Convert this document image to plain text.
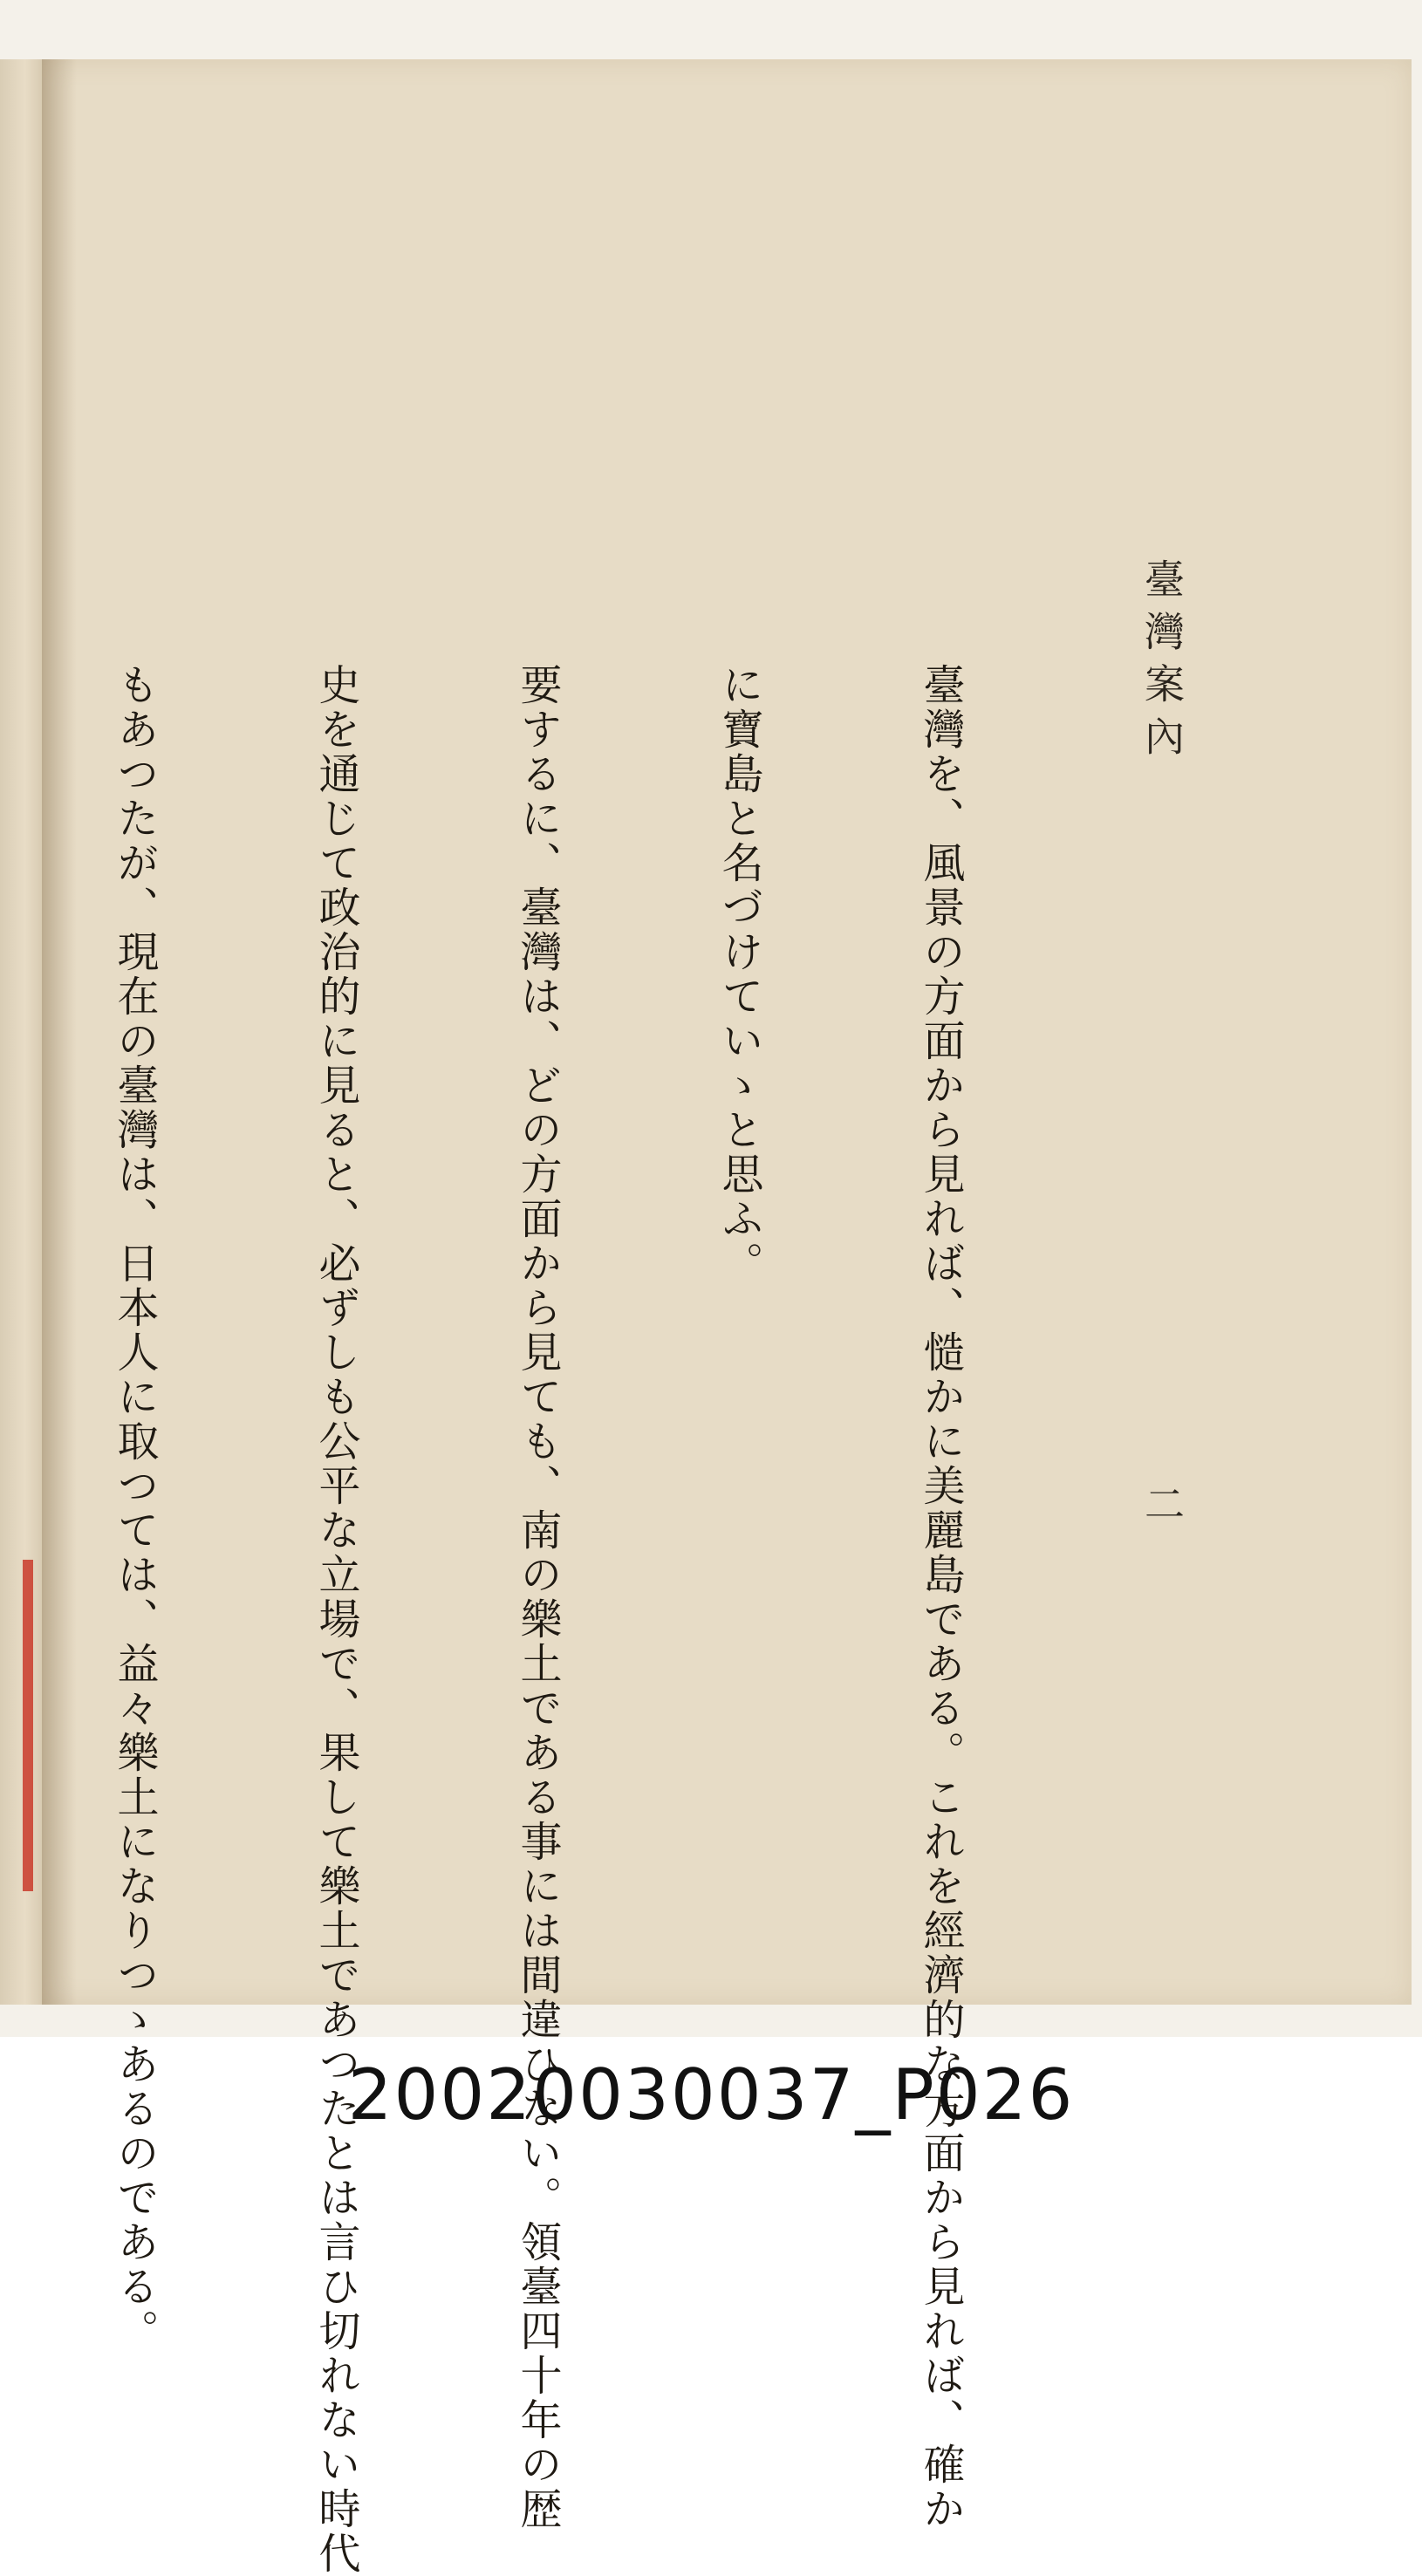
臺灣案內
二

臺灣を、風景の方面から見れば、慥かに美麗島である。これを經濟的な方面から見れば、確か

に寶島と名づけていゝと思ふ。

要するに、臺灣は、どの方面から見ても、南の樂土である事には間違ひない。領臺四十年の歴

史を通じて政治的に見ると、必ずしも公平な立場で、果して樂土であつたとは言ひ切れない時代

もあつたが、現在の臺灣は、日本人に取つては、益々樂土になりつゝあるのである。

	20020030037_P026
